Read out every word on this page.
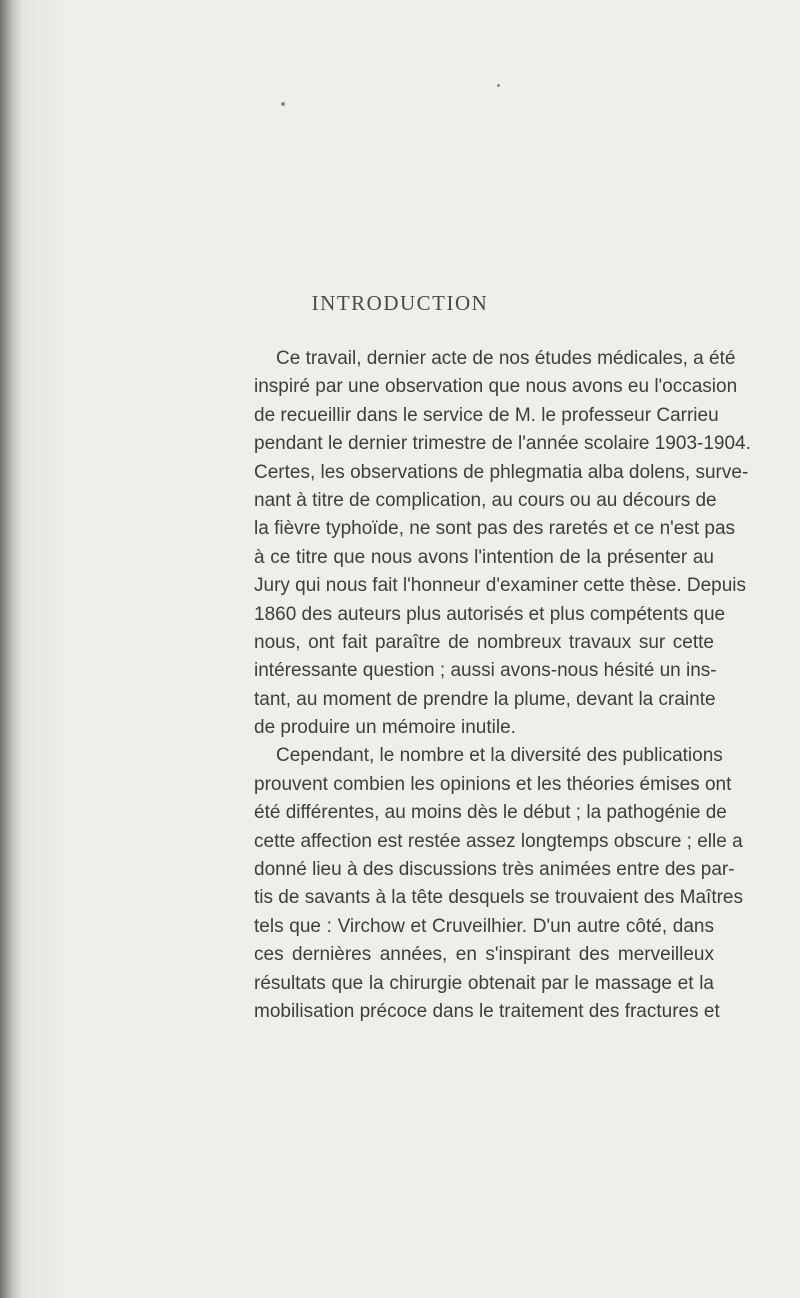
INTRODUCTION
Ce travail, dernier acte de nos études médicales, a été
inspiré par une observation que nous avons eu l'occasion
de recueillir dans le service de M. le professeur Carrieu
pendant le dernier trimestre de l'année scolaire 1903-1904.
Certes, les observations de phlegmatia alba dolens, surve-
nant à titre de complication, au cours ou au décours de
la fièvre typhoïde, ne sont pas des raretés et ce n'est pas
à ce titre que nous avons l'intention de la présenter au
Jury qui nous fait l'honneur d'examiner cette thèse. Depuis
1860 des auteurs plus autorisés et plus compétents que
nous, ont fait paraître de nombreux travaux sur cette
intéressante question ; aussi avons-nous hésité un ins-
tant, au moment de prendre la plume, devant la crainte
de produire un mémoire inutile.
Cependant, le nombre et la diversité des publications
prouvent combien les opinions et les théories émises ont
été différentes, au moins dès le début ; la pathogénie de
cette affection est restée assez longtemps obscure ; elle a
donné lieu à des discussions très animées entre des par-
tis de savants à la tête desquels se trouvaient des Maîtres
tels que : Virchow et Cruveilhier. D'un autre côté, dans
ces dernières années, en s'inspirant des merveilleux
résultats que la chirurgie obtenait par le massage et la
mobilisation précoce dans le traitement des fractures et
